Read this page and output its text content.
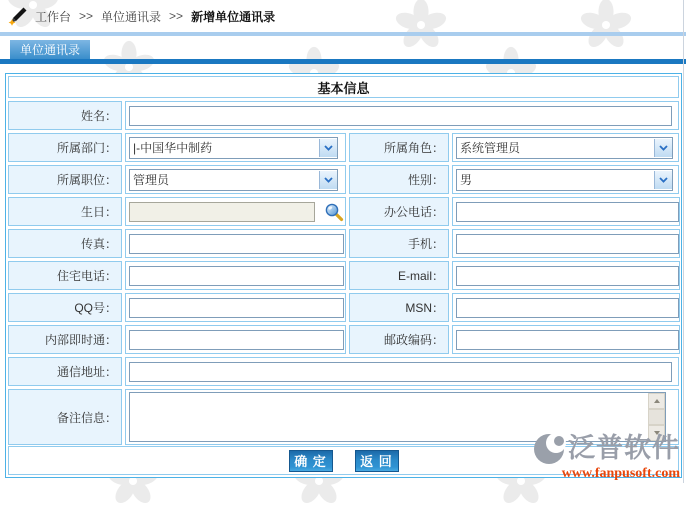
工作台 >> 单位通讯录 >> 新增单位通讯录
单位通讯录
基本信息
姓名：
所属部门：	|-中国华中制药	所属角色：	系统管理员
所属职位：	管理员	性别：	男
生日：	办公电话：
传真：	手机：
住宅电话：	E-mail：
QQ号：	MSN：
内部即时通：	邮政编码：
通信地址：
备注信息：
确 定	返 回	泛普软件
www.fanpusoft.com
